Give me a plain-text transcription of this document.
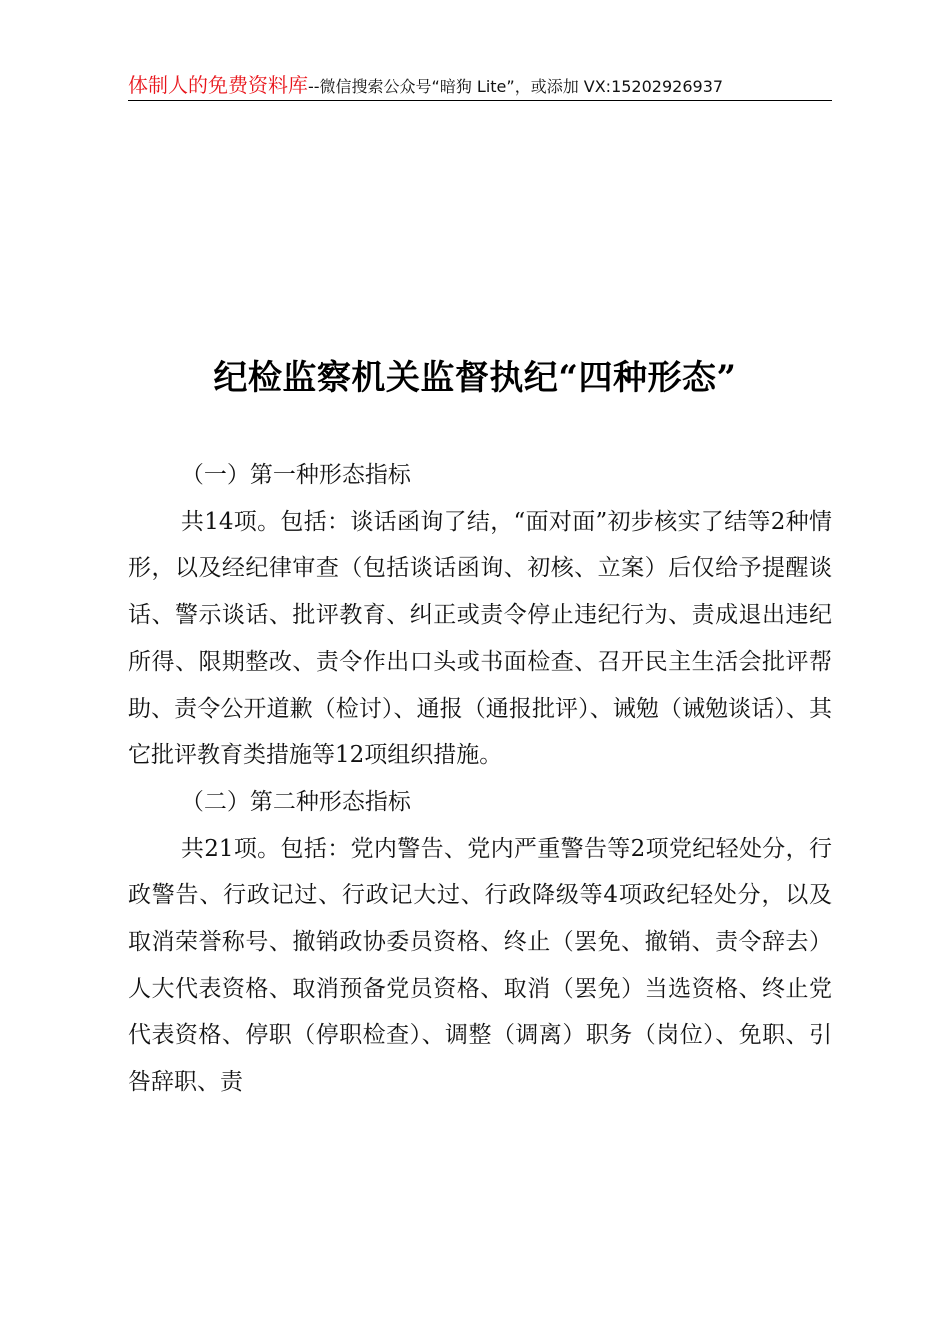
体制人的免费资料库--微信搜索公众号“暗狗 Lite”，或添加 VX:15202926937
纪检监察机关监督执纪“四种形态”

（一）第一种形态指标

共14项。包括：谈话函询了结，“面对面”初步核实了结等2种情形，以及经纪律审查（包括谈话函询、初核、立案）后仅给予提醒谈话、警示谈话、批评教育、纠正或责令停止违纪行为、责成退出违纪所得、限期整改、责令作出口头或书面检查、召开民主生活会批评帮助、责令公开道歉（检讨）、通报（通报批评）、诫勉（诫勉谈话）、其它批评教育类措施等12项组织措施。

（二）第二种形态指标

共21项。包括：党内警告、党内严重警告等2项党纪轻处分，行政警告、行政记过、行政记大过、行政降级等4项政纪轻处分，以及取消荣誉称号、撤销政协委员资格、终止（罢免、撤销、责令辞去）人大代表资格、取消预备党员资格、取消（罢免）当选资格、终止党代表资格、停职（停职检查）、调整（调离）职务（岗位）、免职、引咎辞职、责
